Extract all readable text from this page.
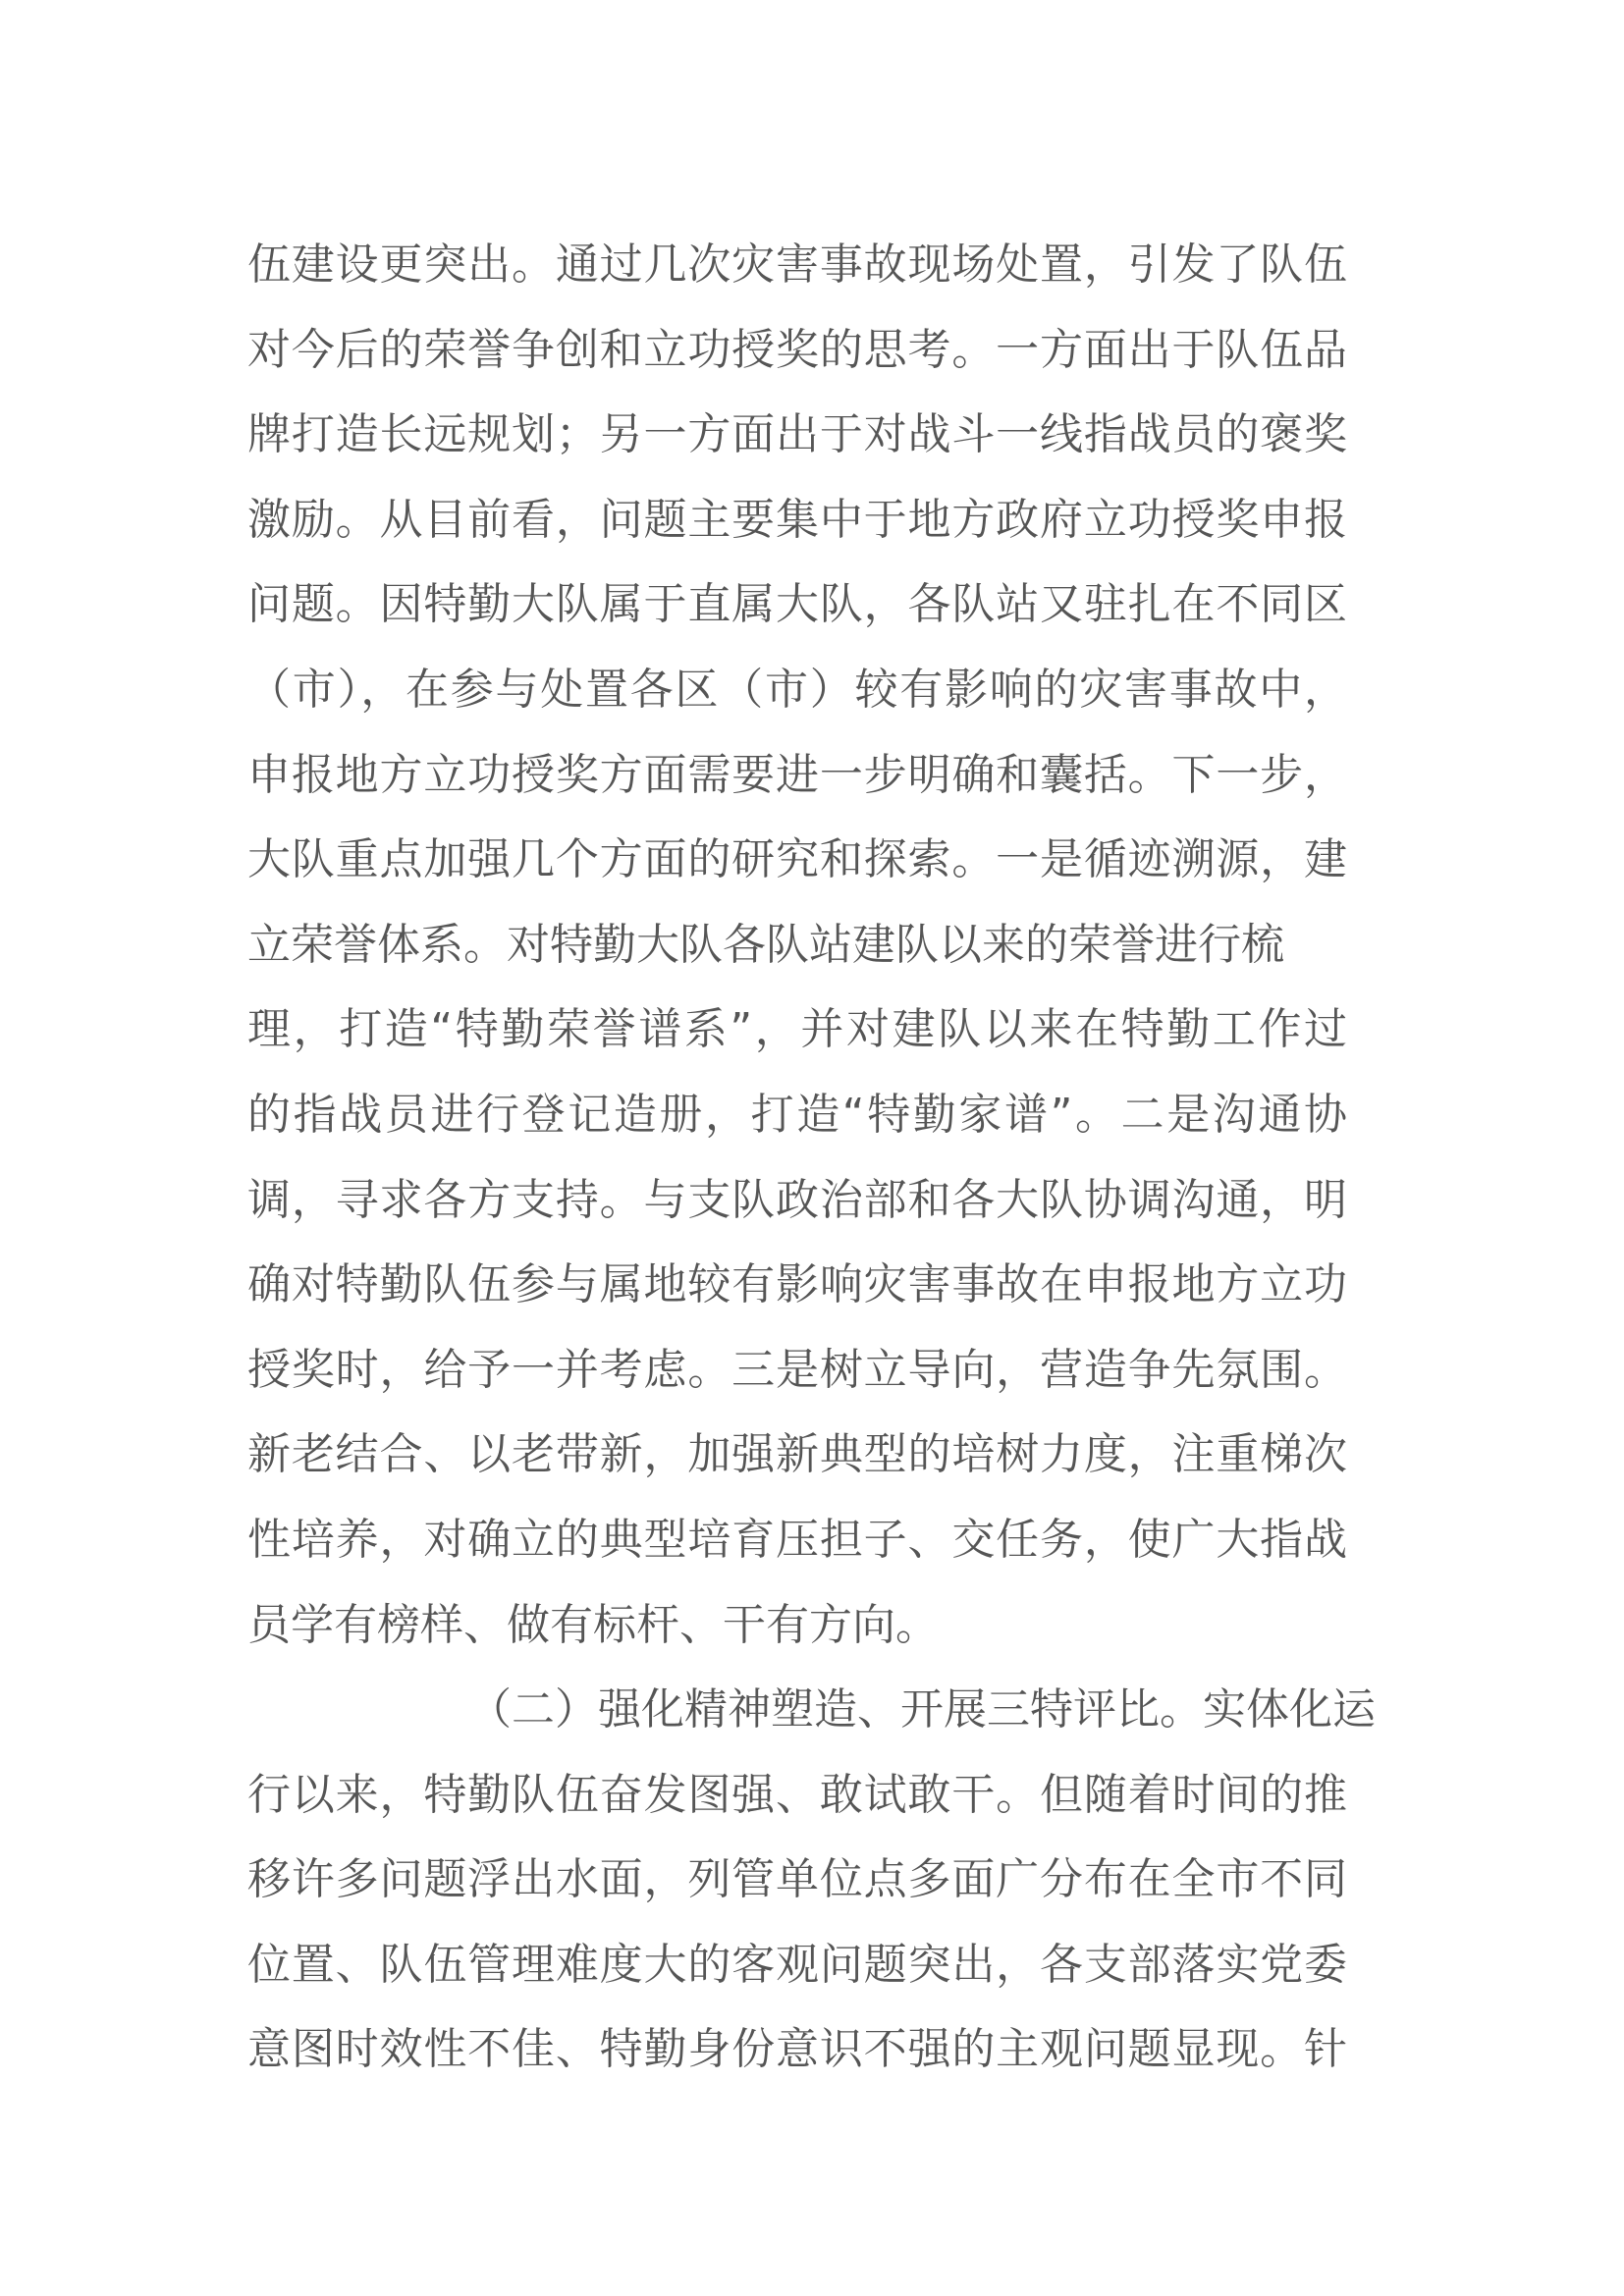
伍建设更突出。通过几次灾害事故现场处置，引发了队伍
对今后的荣誉争创和立功授奖的思考。一方面出于队伍品
牌打造长远规划；另一方面出于对战斗一线指战员的褒奖
激励。从目前看，问题主要集中于地方政府立功授奖申报
问题。因特勤大队属于直属大队，各队站又驻扎在不同区
（市），在参与处置各区（市）较有影响的灾害事故中，
申报地方立功授奖方面需要进一步明确和囊括。下一步，
大队重点加强几个方面的研究和探索。一是循迹溯源，建
立荣誉体系。对特勤大队各队站建队以来的荣誉进行梳
理，打造“特勤荣誉谱系”，并对建队以来在特勤工作过
的指战员进行登记造册，打造“特勤家谱”。二是沟通协
调，寻求各方支持。与支队政治部和各大队协调沟通，明
确对特勤队伍参与属地较有影响灾害事故在申报地方立功
授奖时，给予一并考虑。三是树立导向，营造争先氛围。
新老结合、以老带新，加强新典型的培树力度，注重梯次
性培养，对确立的典型培育压担子、交任务，使广大指战
员学有榜样、做有标杆、干有方向。
（二）强化精神塑造、开展三特评比。实体化运
行以来，特勤队伍奋发图强、敢试敢干。但随着时间的推
移许多问题浮出水面，列管单位点多面广分布在全市不同
位置、队伍管理难度大的客观问题突出，各支部落实党委
意图时效性不佳、特勤身份意识不强的主观问题显现。针
